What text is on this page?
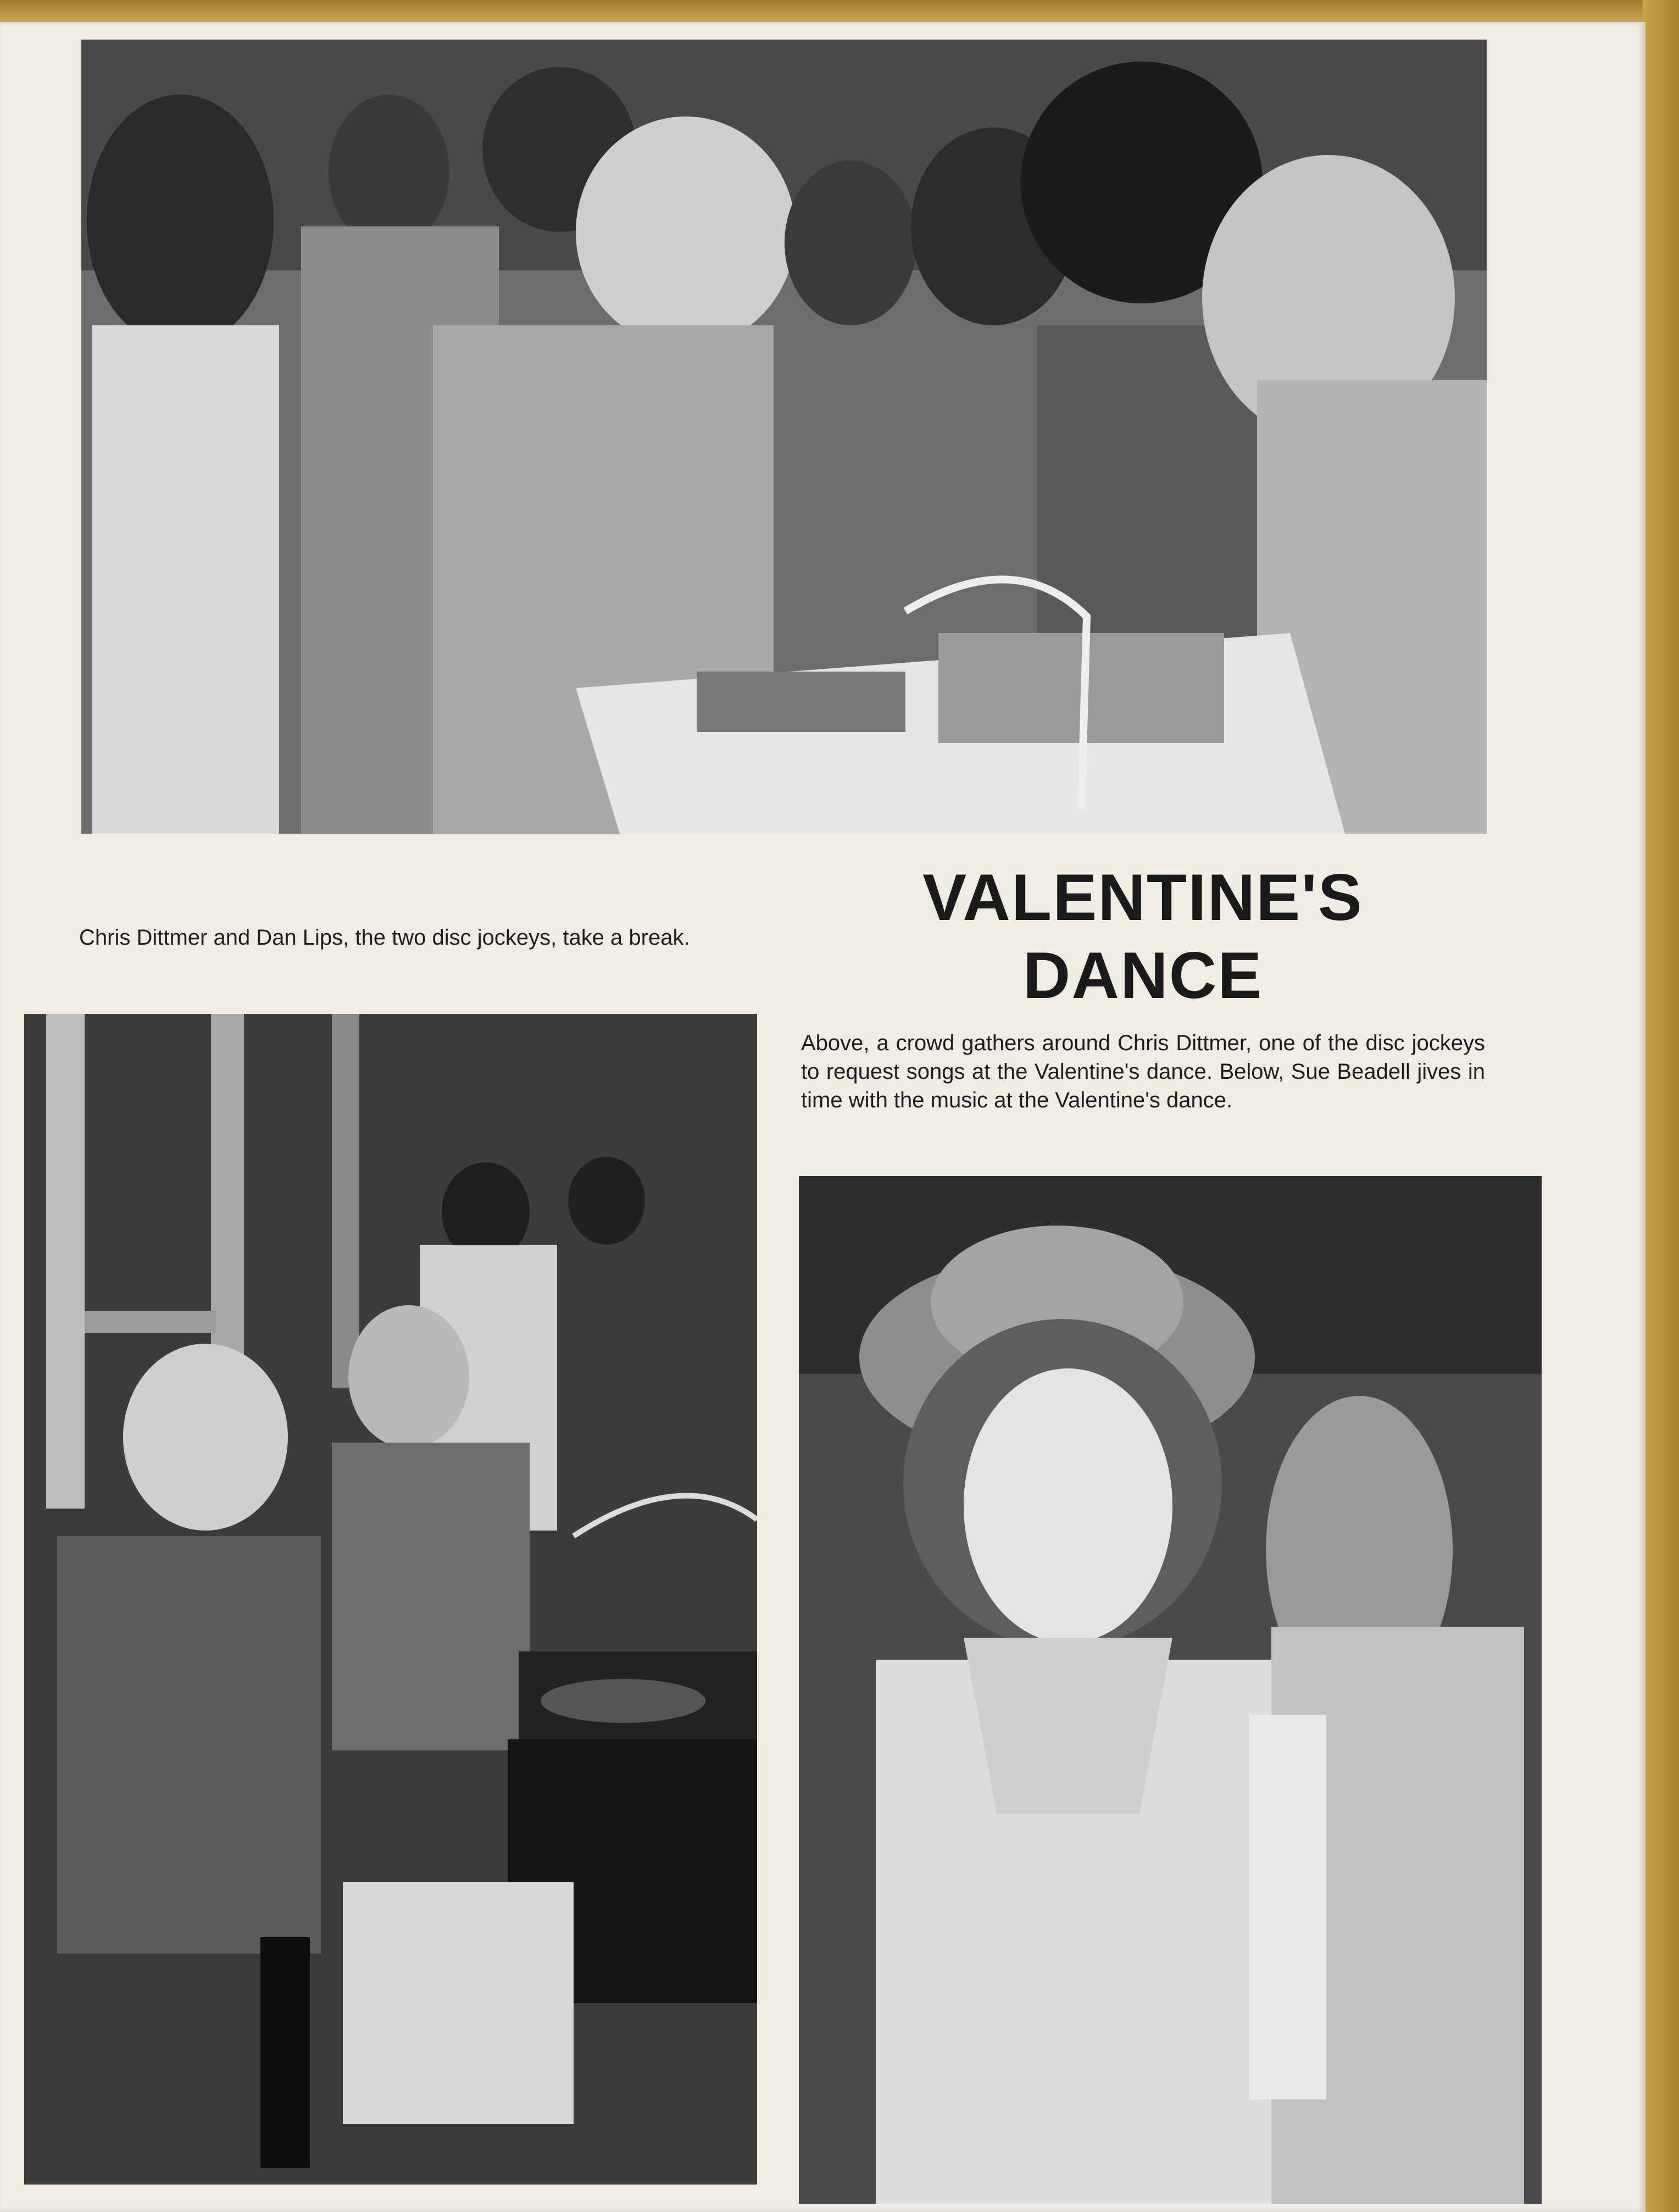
Chris Dittmer and Dan Lips, the two disc jockeys, take a break.

VALENTINE'S
DANCE

Above, a crowd gathers around Chris Dittmer, one of the disc jockeys to request songs at the Valentine's dance. Below, Sue Beadell jives in time with the music at the Valentine's dance.
